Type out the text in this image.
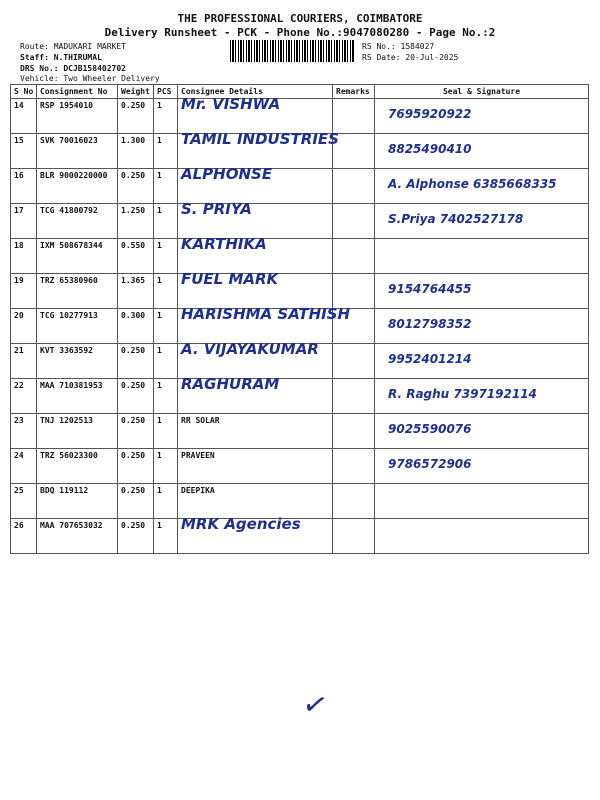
THE PROFESSIONAL COURIERS, COIMBATORE
Delivery Runsheet - PCK - Phone No.:9047080280 - Page No.:2
Route: MADUKARI MARKET
Staff: N.THIRUMAL
DRS No.: DCJB158402702
Vehicle: Two Wheeler Delivery
RS No.: 1584027
RS Date: 20-Jul-2025
S No	Consignment No	Weight	PCS	Consignee Details	Remarks	Seal & Signature
14	RSP 1954010	0.250	1	Mr. VISHWA		7695920922

15	SVK 70016023	1.300	1	TAMIL INDUSTRIES		8825490410

16	BLR 9000220000	0.250	1	ALPHONSE		A. Alphonse 6385668335

17	TCG 41800792	1.250	1	S. PRIYA		S.Priya 7402527178

18	IXM 508678344	0.550	1	KARTHIKA		

19	TRZ 65380960	1.365	1	FUEL MARK		9154764455

20	TCG 10277913	0.300	1	HARISHMA SATHISH		8012798352

21	KVT 3363592	0.250	1	A. VIJAYAKUMAR		9952401214

22	MAA 710381953	0.250	1	RAGHURAM		R. Raghu 7397192114

23	TNJ 1202513	0.250	1	RR SOLAR		9025590076

24	TRZ 56023300	0.250	1	PRAVEEN		9786572906

25	BDQ 119112	0.250	1	DEEPIKA		

26	MAA 707653032	0.250	1	MRK Agencies		

✓
